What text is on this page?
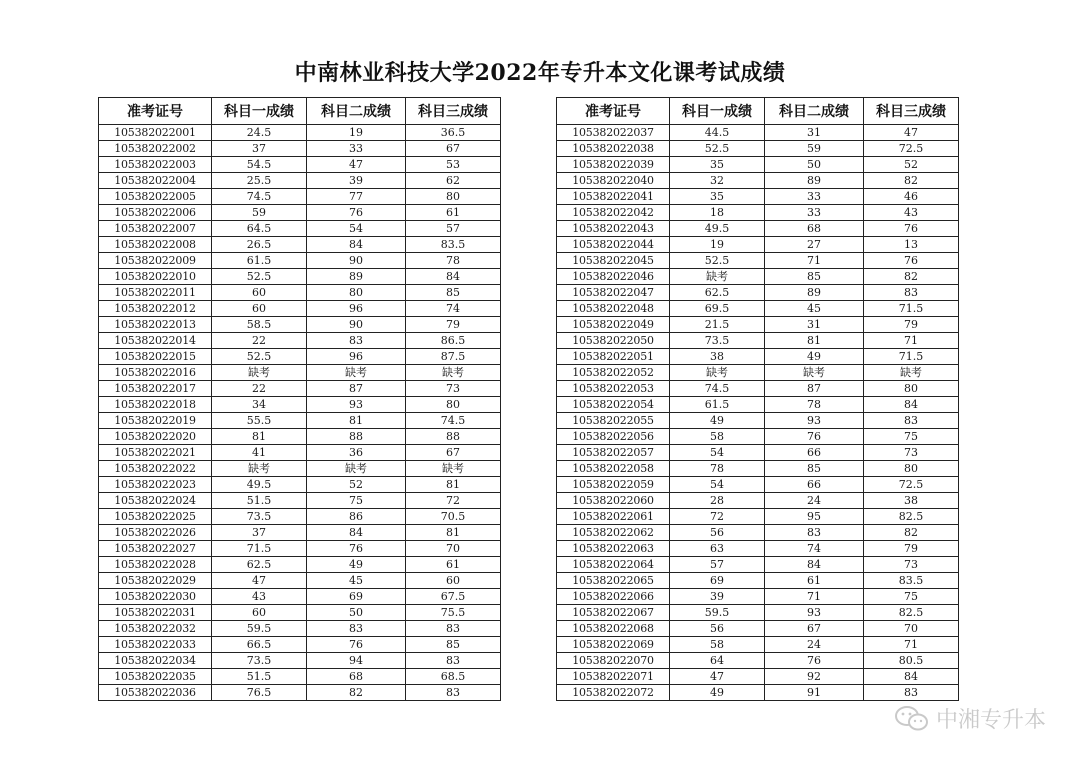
中南林业科技大学2022年专升本文化课考试成绩
准考证号	科目一成绩	科目二成绩	科目三成绩
105382022001	24.5	19	36.5
105382022002	37	33	67
105382022003	54.5	47	53
105382022004	25.5	39	62
105382022005	74.5	77	80
105382022006	59	76	61
105382022007	64.5	54	57
105382022008	26.5	84	83.5
105382022009	61.5	90	78
105382022010	52.5	89	84
105382022011	60	80	85
105382022012	60	96	74
105382022013	58.5	90	79
105382022014	22	83	86.5
105382022015	52.5	96	87.5
105382022016	缺考	缺考	缺考
105382022017	22	87	73
105382022018	34	93	80
105382022019	55.5	81	74.5
105382022020	81	88	88
105382022021	41	36	67
105382022022	缺考	缺考	缺考
105382022023	49.5	52	81
105382022024	51.5	75	72
105382022025	73.5	86	70.5
105382022026	37	84	81
105382022027	71.5	76	70
105382022028	62.5	49	61
105382022029	47	45	60
105382022030	43	69	67.5
105382022031	60	50	75.5
105382022032	59.5	83	83
105382022033	66.5	76	85
105382022034	73.5	94	83
105382022035	51.5	68	68.5
105382022036	76.5	82	83
准考证号	科目一成绩	科目二成绩	科目三成绩
105382022037	44.5	31	47
105382022038	52.5	59	72.5
105382022039	35	50	52
105382022040	32	89	82
105382022041	35	33	46
105382022042	18	33	43
105382022043	49.5	68	76
105382022044	19	27	13
105382022045	52.5	71	76
105382022046	缺考	85	82
105382022047	62.5	89	83
105382022048	69.5	45	71.5
105382022049	21.5	31	79
105382022050	73.5	81	71
105382022051	38	49	71.5
105382022052	缺考	缺考	缺考
105382022053	74.5	87	80
105382022054	61.5	78	84
105382022055	49	93	83
105382022056	58	76	75
105382022057	54	66	73
105382022058	78	85	80
105382022059	54	66	72.5
105382022060	28	24	38
105382022061	72	95	82.5
105382022062	56	83	82
105382022063	63	74	79
105382022064	57	84	73
105382022065	69	61	83.5
105382022066	39	71	75
105382022067	59.5	93	82.5
105382022068	56	67	70
105382022069	58	24	71
105382022070	64	76	80.5
105382022071	47	92	84
105382022072	49	91	83
中湘专升本
